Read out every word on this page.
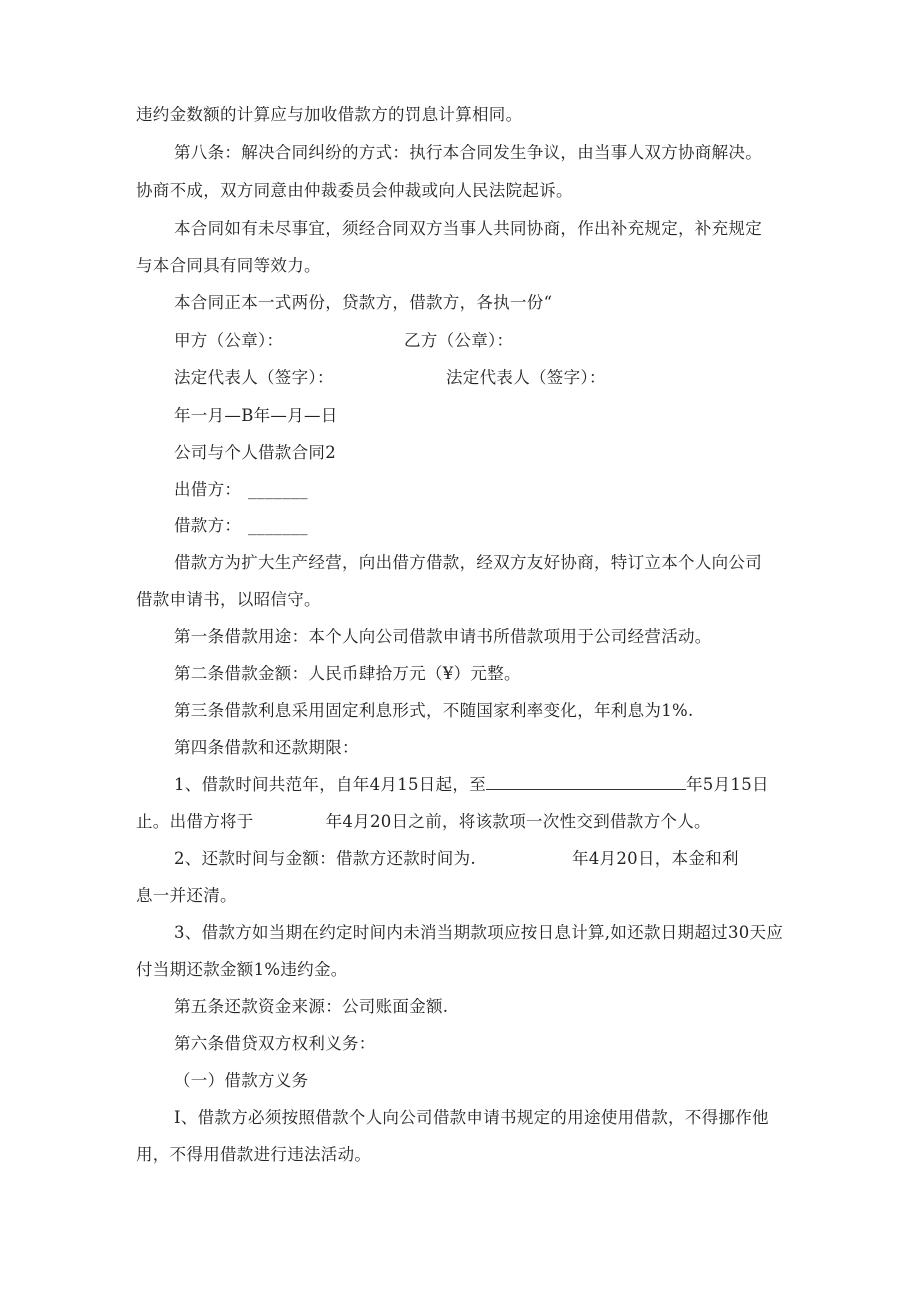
违约金数额的计算应与加收借款方的罚息计算相同。
第八条：解决合同纠纷的方式：执行本合同发生争议，由当事人双方协商解决。
协商不成，双方同意由仲裁委员会仲裁或向人民法院起诉。
本合同如有未尽事宜，须经合同双方当事人共同协商，作出补充规定，补充规定
与本合同具有同等效力。
本合同正本一式两份，贷款方，借款方，各执一份“
甲方（公章）：	乙方（公章）：
法定代表人（签字）：	法定代表人（签字）：
年一月—B年—月—日
公司与个人借款合同2
出借方： _______
借款方： _______
借款方为扩大生产经营，向出借方借款，经双方友好协商，特订立本个人向公司
借款申请书，以昭信守。
第一条借款用途：本个人向公司借款申请书所借款项用于公司经营活动。
第二条借款金额：人民币肆拾万元（¥）元整。
第三条借款利息采用固定利息形式，不随国家利率变化，年利息为1%.
第四条借款和还款期限：
1、借款时间共范年，自年4月15日起，至	年5月15日
止。出借方将于	年4月20日之前，将该款项一次性交到借款方个人。
2、还款时间与金额：借款方还款时间为.	年4月20日，本金和利
息一并还清。
3、借款方如当期在约定时间内未消当期款项应按日息计算,如还款日期超过30天应
付当期还款金额1%违约金。
第五条还款资金来源：公司账面金额.
第六条借贷双方权利义务：
（一）借款方义务
I、借款方必须按照借款个人向公司借款申请书规定的用途使用借款，不得挪作他
用，不得用借款进行违法活动。
